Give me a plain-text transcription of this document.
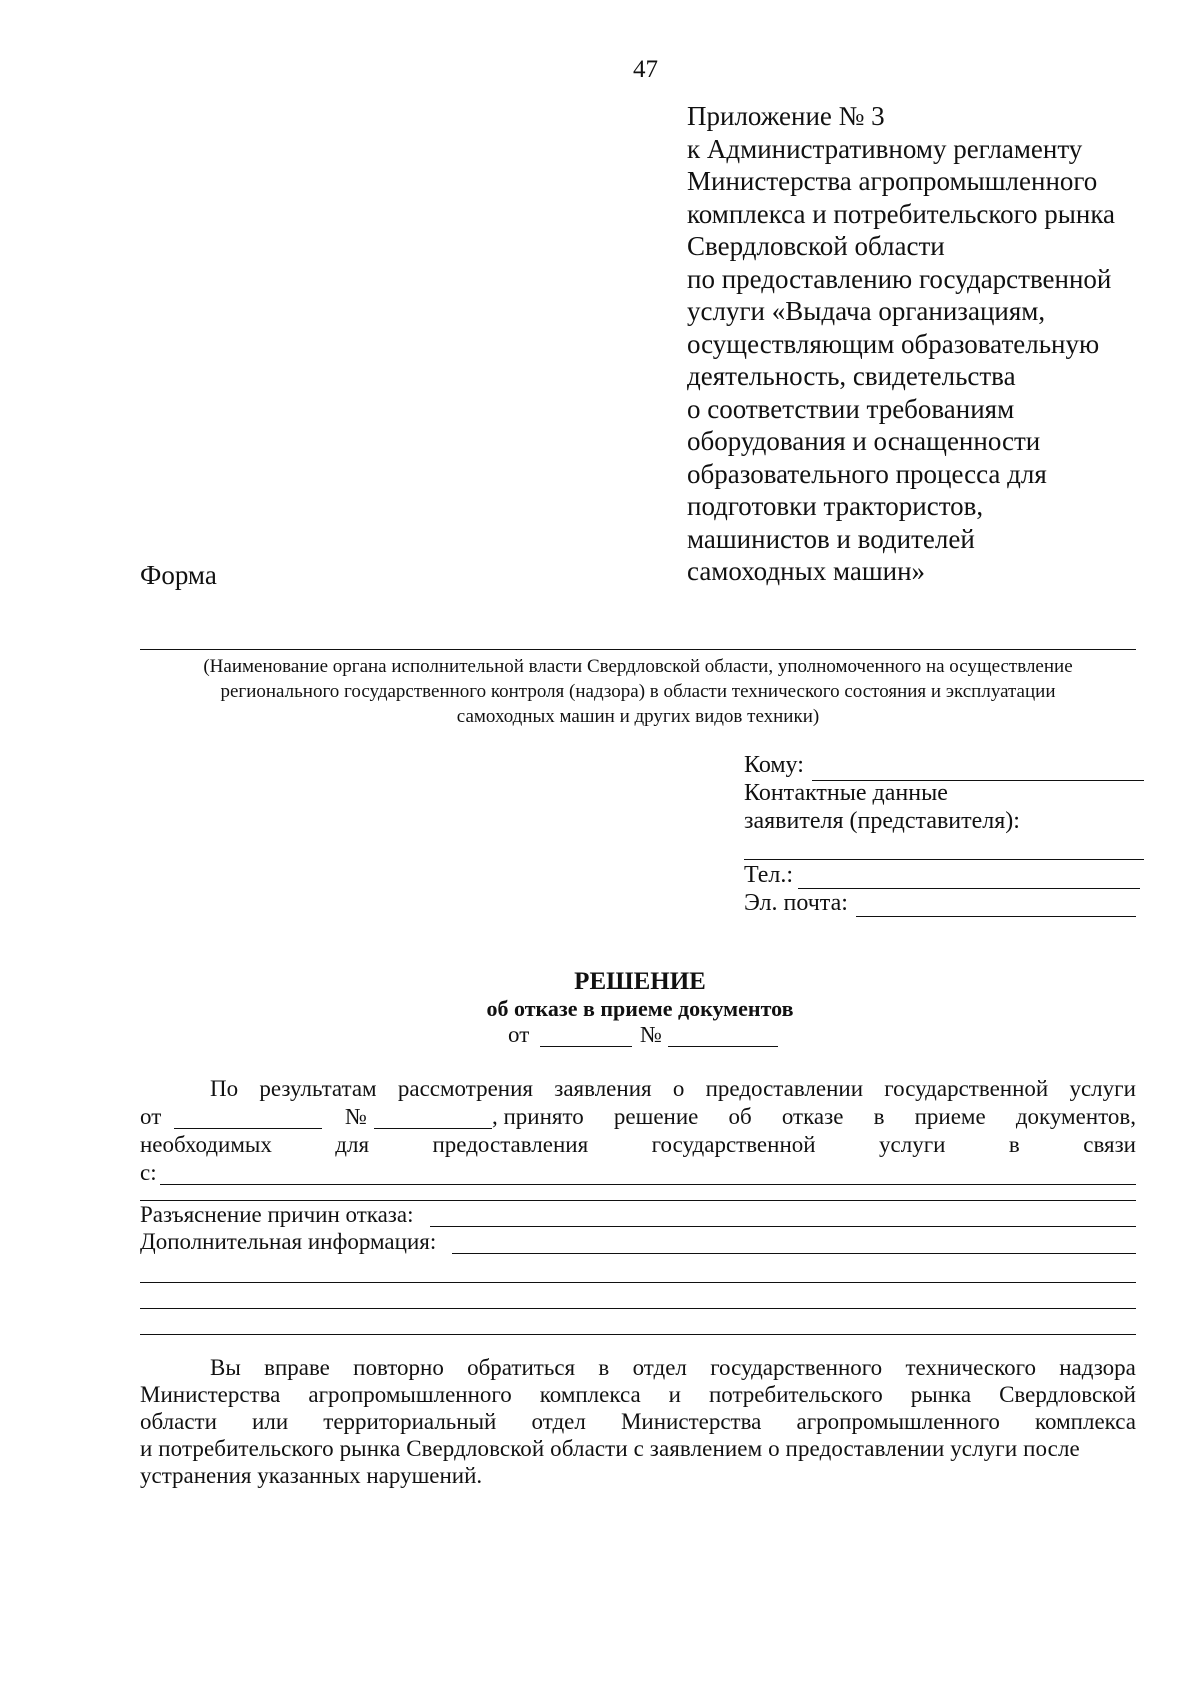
47
Приложение № 3
к Административному регламенту
Министерства агропромышленного
комплекса и потребительского рынка
Свердловской области
по предоставлению государственной
услуги «Выдача организациям,
осуществляющим образовательную
деятельность, свидетельства
о соответствии требованиям
оборудования и оснащенности
образовательного процесса для
подготовки трактористов,
машинистов и водителей
самоходных машин»
Форма
(Наименование органа исполнительной власти Свердловской области, уполномоченного на осуществление
регионального государственного контроля (надзора) в области технического состояния и эксплуатации
самоходных машин и других видов техники)
Кому:
Контактные данные
заявителя (представителя):
Тел.:
Эл. почта:
РЕШЕНИЕ
об отказе в приеме документов
от	№
По результатам рассмотрения заявления о предоставлении государственной услуги
от	№	, принято решение об отказе в приеме документов,
необходимых	для	предоставления	государственной	услуги	в	связи
с:
Разъяснение причин отказа:
Дополнительная информация:
Вы вправе повторно обратиться в отдел государственного технического надзора
Министерства агропромышленного комплекса и потребительского рынка Свердловской
области или территориальный отдел Министерства агропромышленного комплекса
и потребительского рынка Свердловской области с заявлением о предоставлении услуги после
устранения указанных нарушений.
